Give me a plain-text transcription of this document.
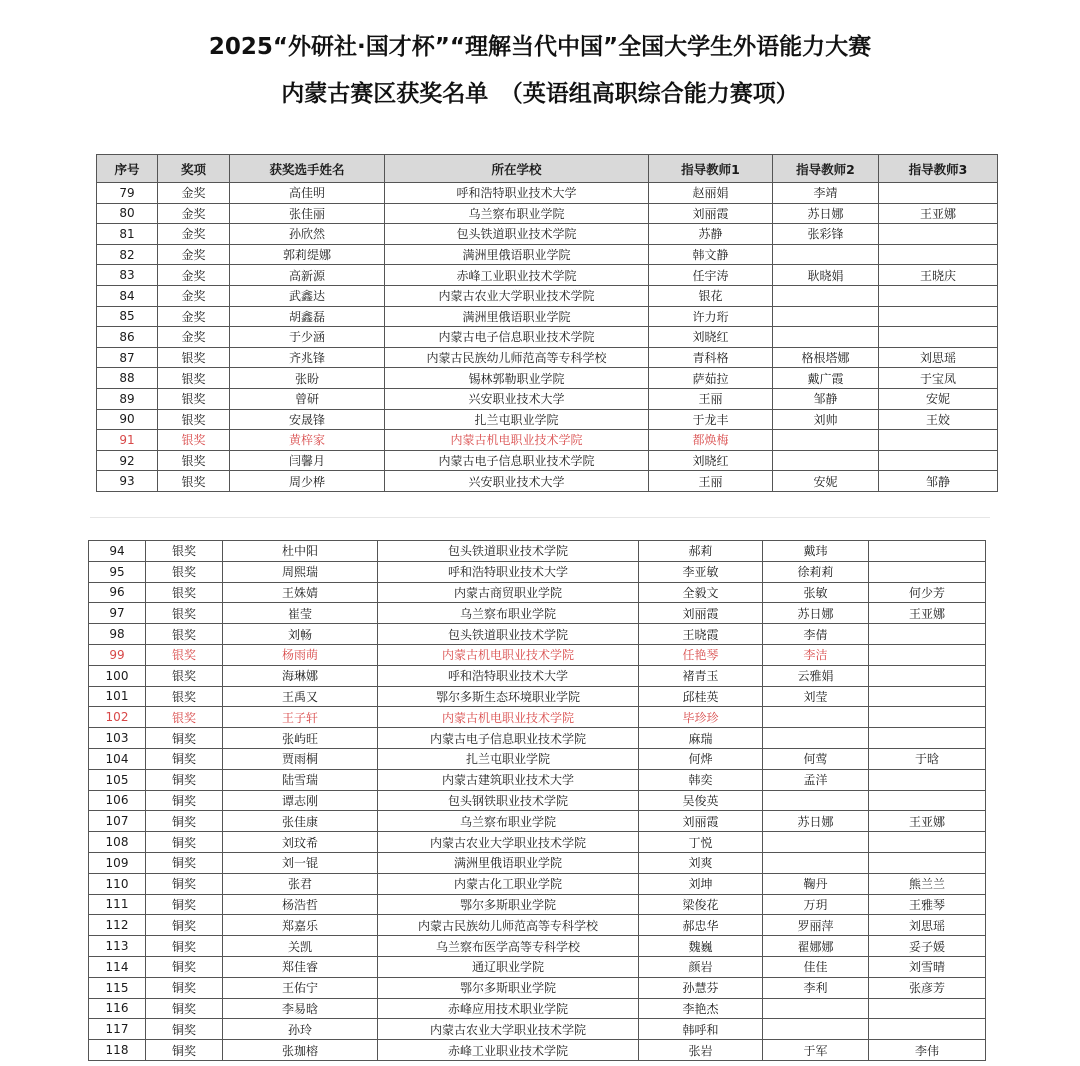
2025“外研社·国才杯”“理解当代中国”全国大学生外语能力大赛
内蒙古赛区获奖名单　（英语组高职综合能力赛项）
序号	奖项	获奖选手姓名	所在学校	指导教师1	指导教师2	指导教师3
79	金奖	高佳明	呼和浩特职业技术大学	赵丽娟	李靖	
80	金奖	张佳丽	乌兰察布职业学院	刘丽霞	苏日娜	王亚娜
81	金奖	孙欣然	包头铁道职业技术学院	苏静	张彩锋	
82	金奖	郭莉缇娜	满洲里俄语职业学院	韩文静		
83	金奖	高新源	赤峰工业职业技术学院	任宇涛	耿晓娟	王晓庆
84	金奖	武鑫达	内蒙古农业大学职业技术学院	银花		
85	金奖	胡鑫磊	满洲里俄语职业学院	许力珩		
86	金奖	于少涵	内蒙古电子信息职业技术学院	刘晓红		
87	银奖	齐兆锋	内蒙古民族幼儿师范高等专科学校	青科格	格根塔娜	刘思瑶
88	银奖	张盼	锡林郭勒职业学院	萨茹拉	戴广霞	于宝凤
89	银奖	曾研	兴安职业技术大学	王丽	邹静	安妮
90	银奖	安晟锋	扎兰屯职业学院	于龙丰	刘帅	王姣
91	银奖	黄梓家	内蒙古机电职业技术学院	都焕梅		
92	银奖	闫馨月	内蒙古电子信息职业技术学院	刘晓红		
93	银奖	周少桦	兴安职业技术大学	王丽	安妮	邹静
94	银奖	杜中阳	包头铁道职业技术学院	郝莉	戴玮	
95	银奖	周熙瑞	呼和浩特职业技术大学	李亚敏	徐莉莉	
96	银奖	王姝婧	内蒙古商贸职业学院	全毅文	张敏	何少芳
97	银奖	崔莹	乌兰察布职业学院	刘丽霞	苏日娜	王亚娜
98	银奖	刘畅	包头铁道职业技术学院	王晓霞	李倩	
99	银奖	杨雨萌	内蒙古机电职业技术学院	任艳琴	李洁	
100	银奖	海琳娜	呼和浩特职业技术大学	褚青玉	云雅娟	
101	银奖	王禹又	鄂尔多斯生态环境职业学院	邱桂英	刘莹	
102	银奖	王子轩	内蒙古机电职业技术学院	毕珍珍		
103	铜奖	张屿旺	内蒙古电子信息职业技术学院	麻瑞		
104	铜奖	贾雨桐	扎兰屯职业学院	何烨	何莺	于晗
105	铜奖	陆雪瑞	内蒙古建筑职业技术大学	韩奕	孟洋	
106	铜奖	谭志刚	包头钢铁职业技术学院	吴俊英		
107	铜奖	张佳康	乌兰察布职业学院	刘丽霞	苏日娜	王亚娜
108	铜奖	刘玟希	内蒙古农业大学职业技术学院	丁悦		
109	铜奖	刘一锟	满洲里俄语职业学院	刘爽		
110	铜奖	张君	内蒙古化工职业学院	刘坤	鞠丹	熊兰兰
111	铜奖	杨浩哲	鄂尔多斯职业学院	梁俊花	万玥	王雅琴
112	铜奖	郑嘉乐	内蒙古民族幼儿师范高等专科学校	郝忠华	罗丽萍	刘思瑶
113	铜奖	关凯	乌兰察布医学高等专科学校	魏巍	翟娜娜	妥子媛
114	铜奖	郑佳睿	通辽职业学院	颜岩	佳佳	刘雪晴
115	铜奖	王佑宁	鄂尔多斯职业学院	孙慧芬	李利	张彦芳
116	铜奖	李易晗	赤峰应用技术职业学院	李艳杰		
117	铜奖	孙玲	内蒙古农业大学职业技术学院	韩呼和		
118	铜奖	张珈榕	赤峰工业职业技术学院	张岩	于军	李伟
